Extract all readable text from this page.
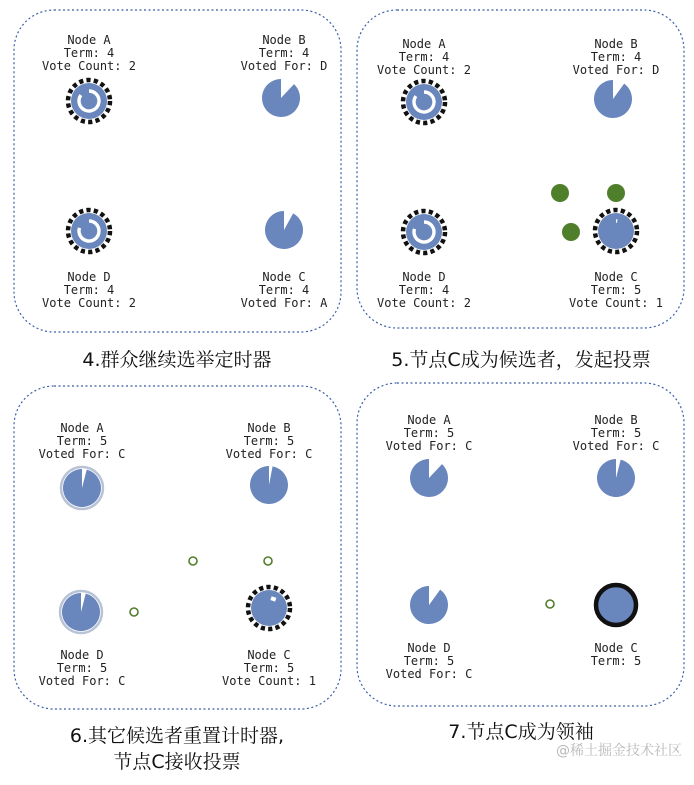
Node A
Term: 4
Vote Count: 2
Node B
Term: 4
Voted For: D
Node D
Term: 4
Vote Count: 2
Node C
Term: 4
Voted For: A
4.群众继续选举定时器
Node A
Term: 4
Vote Count: 2
Node B
Term: 4
Voted For: D
Node D
Term: 4
Vote Count: 2
Node C
Term: 5
Vote Count: 1
5.节点C成为候选者，发起投票
Node A
Term: 5
Voted For: C
Node B
Term: 5
Voted For: C
Node D
Term: 5
Voted For: C
Node C
Term: 5
Vote Count: 1
6.其它候选者重置计时器,
节点C接收投票
Node A
Term: 5
Voted For: C
Node B
Term: 5
Voted For: C
Node D
Term: 5
Voted For: C
Node C
Term: 5
7.节点C成为领袖
@稀土掘金技术社区
